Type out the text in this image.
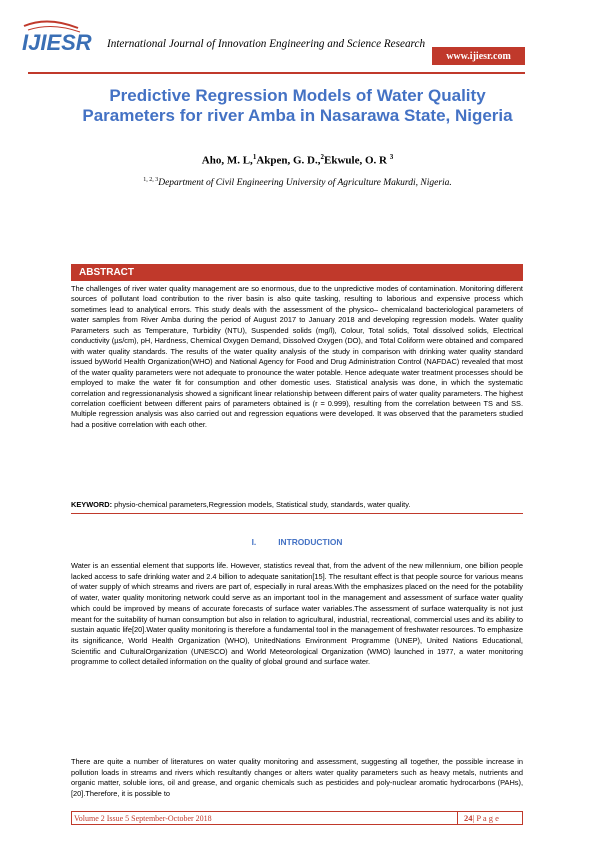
IJIESR International Journal of Innovation Engineering and Science Research
www.ijiesr.com
Predictive Regression Models of Water Quality
Parameters for river Amba in Nasarawa State, Nigeria
Aho, M. L,$^1$Akpen, G. D.,$^2$Ekwule, O. R $^3$
$^{1, 2, 3}$Department of Civil Engineering University of Agriculture Makurdi, Nigeria.
ABSTRACT

The challenges of river water quality management are so enormous, due to the unpredictive modes of contamination. Monitoring different sources of pollutant load contribution to the river basin is also quite tasking, resulting to laborious and expensive process which sometimes lead to analytical errors. This study deals with the assessment of the physico– chemicaland bacteriological parameters of water samples from River Amba during the period of August 2017 to January 2018 and developing regression models. Water quality Parameters such as Temperature, Turbidity (NTU), Suspended solids (mg/l), Colour, Total solids, Total dissolved solids, Electrical conductivity (µs/cm), pH, Hardness, Chemical Oxygen Demand, Dissolved Oxygen (DO), and Total Coliform were obtained and compared with water quality standards. The results of the water quality analysis of the study in comparison with drinking water quality standard issued byWorld Health Organization(WHO) and National Agency for Food and Drug Administration Control (NAFDAC) revealed that most of the water quality parameters were not adequate to pronounce the water potable. Hence adequate water treatment processes should be employed to make the water fit for consumption and other domestic uses. Statistical analysis was done, in which the systematic correlation and regressionanalysis showed a significant linear relationship between different pairs of water quality parameters. The highest correlation coefficient between different pairs of parameters obtained is (r = 0.999), resulting from the correlation between TS and SS. Multiple regression analysis was also carried out and regression equations were developed. It was observed that the parameters studied had a positive correlation with each other.

KEYWORD: physio-chemical parameters,Regression models, Statistical study, standards, water quality.

I.	INTRODUCTION

Water is an essential element that supports life. However, statistics reveal that, from the advent of the new millennium, one billion people lacked access to safe drinking water and 2.4 billion to adequate sanitation[15]. The resultant effect is that people source for various means of water supply of which streams and rivers are part of, especially in rural areas.With the emphasizes placed on the need for the potability of water, water quality monitoring network could serve as an important tool in the management and assessment of surface water quality which could be improved by means of accurate forecasts of surface water variables.The assessment of surface waterquality is not just meant for the suitability of human consumption but also in relation to agricultural, industrial, recreational, commercial uses and its ability to sustain aquatic life[20].Water quality monitoring is therefore a fundamental tool in the management of freshwater resources. To emphasize its significance, World Health Organization (WHO), UnitedNations Environment Programme (UNEP), United Nations Educational, Scientific and CulturalOrganization (UNESCO) and World Meteorological Organization (WMO) launched in 1977, a water monitoring programme to collect detailed information on the quality of global ground and surface water.

There are quite a number of literatures on water quality monitoring and assessment, suggesting all together, the possible increase in pollution loads in streams and rivers which resultantly changes or alters water quality parameters such as heavy metals, nutrients and organic matter, soluble ions, oil and grease, and organic chemicals such as pesticides and poly-nuclear aromatic hydrocarbons (PAHs),[20].Therefore, it is possible to

Volume 2 Issue 5 September-October 2018	24| P a g e
